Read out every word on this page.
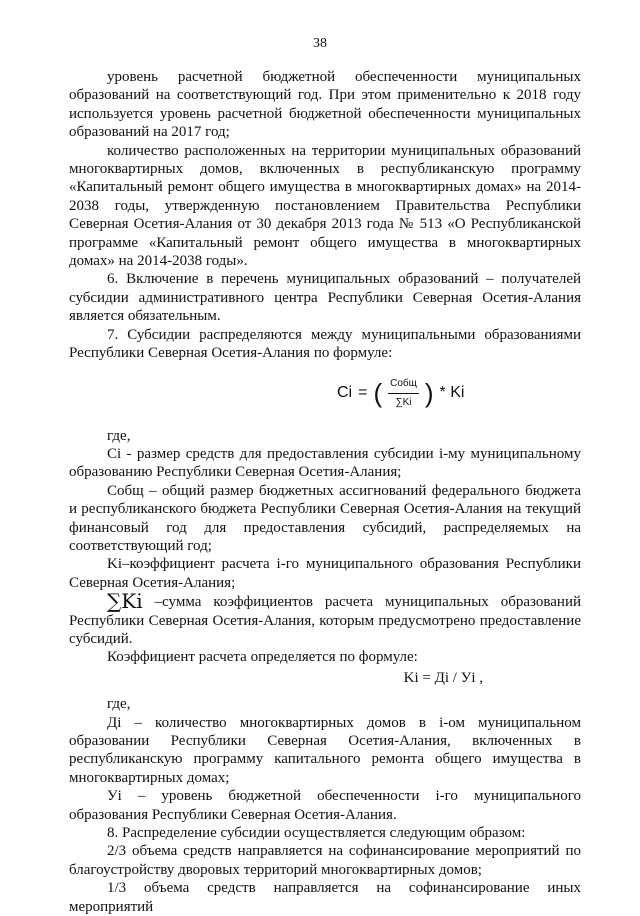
38

уровень расчетной бюджетной обеспеченности муниципальных образований на соответствующий год. При этом применительно к 2018 году используется уровень расчетной бюджетной обеспеченности муниципальных образований на 2017 год;

количество расположенных на территории муниципальных образований многоквартирных домов, включенных в республиканскую программу «Капитальный ремонт общего имущества в многоквартирных домах» на 2014-2038 годы, утвержденную постановлением Правительства Республики Северная Осетия-Алания от 30 декабря 2013 года № 513 «О Республиканской программе «Капитальный ремонт общего имущества в многоквартирных домах» на 2014-2038 годы».

6. Включение в перечень муниципальных образований – получателей субсидии административного центра Республики Северная Осетия-Алания является обязательным.

7. Субсидии распределяются между муниципальными образованиями Республики Северная Осетия-Алания по формуле:

Ci = ( $\frac{\text{Cобщ}}{\sum Ki}$ ) * Ki

где,

Ci - размер средств для предоставления субсидии i-му муниципальному образованию Республики Северная Осетия-Алания;

Cобщ – общий размер бюджетных ассигнований федерального бюджета и республиканского бюджета Республики Северная Осетия-Алания на текущий финансовый год для предоставления субсидий, распределяемых на соответствующий год;

Ki–коэффициент расчета i-го муниципального образования Республики Северная Осетия-Алания;

∑Ki –сумма коэффициентов расчета муниципальных образований Республики Северная Осетия-Алания, которым предусмотрено предоставление субсидий.

Коэффициент расчета определяется по формуле:

Ki = Дi / Уi ,

где,

Дi – количество многоквартирных домов в i-ом муниципальном образовании Республики Северная Осетия-Алания, включенных в республиканскую программу капитального ремонта общего имущества в многоквартирных домах;

Уi – уровень бюджетной обеспеченности i-го муниципального образования Республики Северная Осетия-Алания.

8. Распределение субсидии осуществляется следующим образом:

2/3 объема средств направляется на софинансирование мероприятий по благоустройству дворовых территорий многоквартирных домов;

1/3 объема средств направляется на софинансирование иных мероприятий
